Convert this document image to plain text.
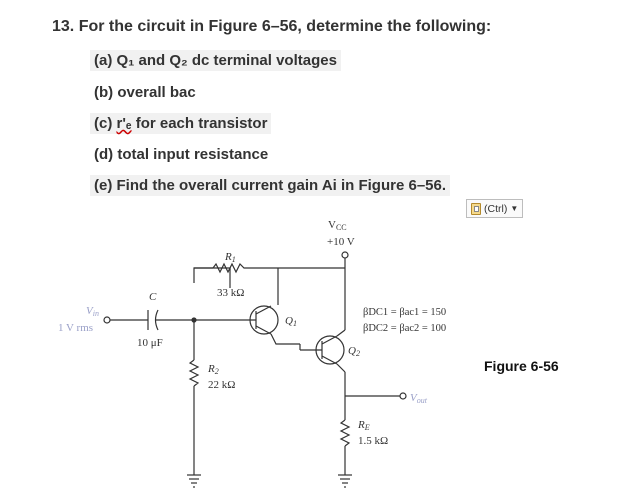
13. For the circuit in Figure 6–56, determine the following:
(a) Q₁ and Q₂ dc terminal voltages
(b) overall bac
(c) r'ₑ for each transistor
(d) total input resistance
(e) Find the overall current gain Ai in Figure 6–56.
(Ctrl) ▼
VCC
+10 V
R1
33 kΩ
R2
22 kΩ
RE
1.5 kΩ
C
10 μF
Vin
1 V rms
Vout
Q1
Q2
βDC1 = βac1 = 150
βDC2 = βac2 = 100
Figure 6-56
